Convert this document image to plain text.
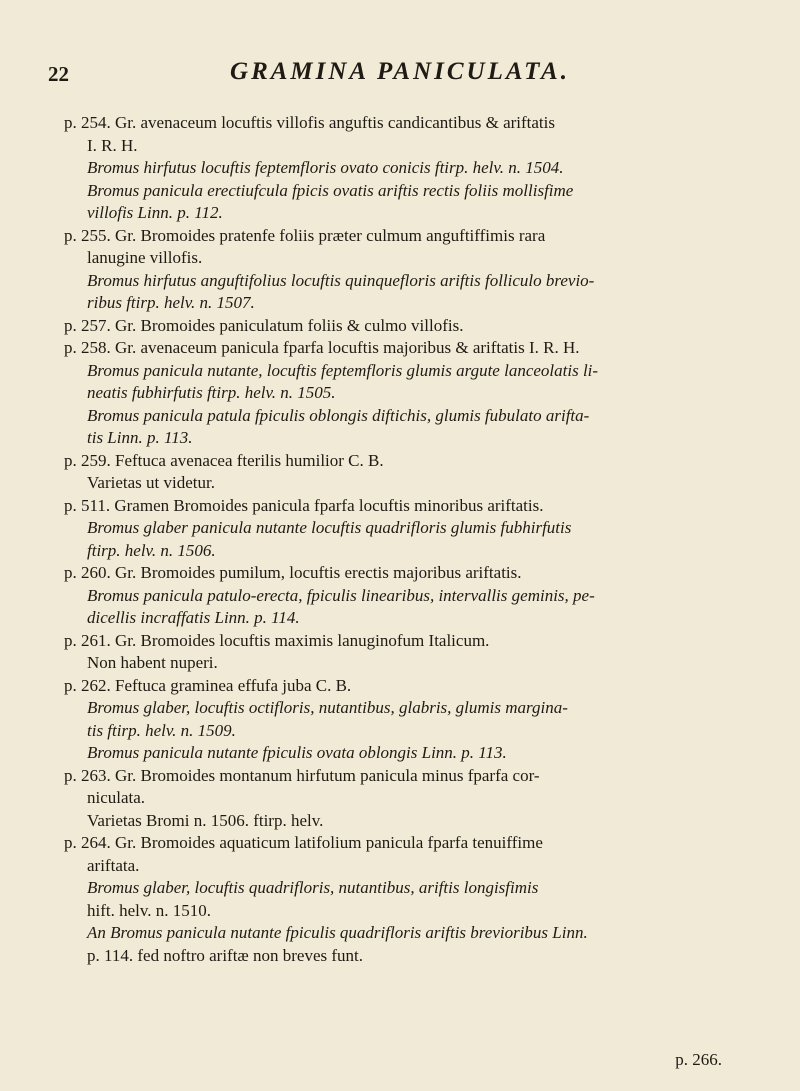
22	GRAMINA PANICULATA.
p. 254. Gr. avenaceum locuftis villofis anguftis candicantibus & ariftatis
I. R. H.
Bromus hirfutus locuftis feptemfloris ovato conicis ftirp. helv. n. 1504.
Bromus panicula erectiufcula fpicis ovatis ariftis rectis foliis mollisfime
villofis Linn. p. 112.
p. 255. Gr. Bromoides pratenfe foliis præter culmum anguftiffimis rara
lanugine villofis.
Bromus hirfutus anguftifolius locuftis quinquefloris ariftis folliculo brevio-
ribus ftirp. helv. n. 1507.
p. 257. Gr. Bromoides paniculatum foliis & culmo villofis.
p. 258. Gr. avenaceum panicula fparfa locuftis majoribus & ariftatis I. R. H.
Bromus panicula nutante, locuftis feptemfloris glumis argute lanceolatis li-
neatis fubhirfutis ftirp. helv. n. 1505.
Bromus panicula patula fpiculis oblongis diftichis, glumis fubulato arifta-
tis Linn. p. 113.
p. 259. Feftuca avenacea fterilis humilior C. B.
Varietas ut videtur.
p. 511. Gramen Bromoides panicula fparfa locuftis minoribus ariftatis.
Bromus glaber panicula nutante locuftis quadrifloris glumis fubhirfutis
ftirp. helv. n. 1506.
p. 260. Gr. Bromoides pumilum, locuftis erectis majoribus ariftatis.
Bromus panicula patulo-erecta, fpiculis linearibus, intervallis geminis, pe-
dicellis incraffatis Linn. p. 114.
p. 261. Gr. Bromoides locuftis maximis lanuginofum Italicum.
Non habent nuperi.
p. 262. Feftuca graminea effufa juba C. B.
Bromus glaber, locuftis octifloris, nutantibus, glabris, glumis margina-
tis ftirp. helv. n. 1509.
Bromus panicula nutante fpiculis ovata oblongis Linn. p. 113.
p. 263. Gr. Bromoides montanum hirfutum panicula minus fparfa cor-
niculata.
Varietas Bromi n. 1506. ftirp. helv.
p. 264. Gr. Bromoides aquaticum latifolium panicula fparfa tenuiffime
ariftata.
Bromus glaber, locuftis quadrifloris, nutantibus, ariftis longisfimis
hift. helv. n. 1510.
An Bromus panicula nutante fpiculis quadrifloris ariftis brevioribus Linn.
p. 114. fed noftro ariftæ non breves funt.
p. 266.
